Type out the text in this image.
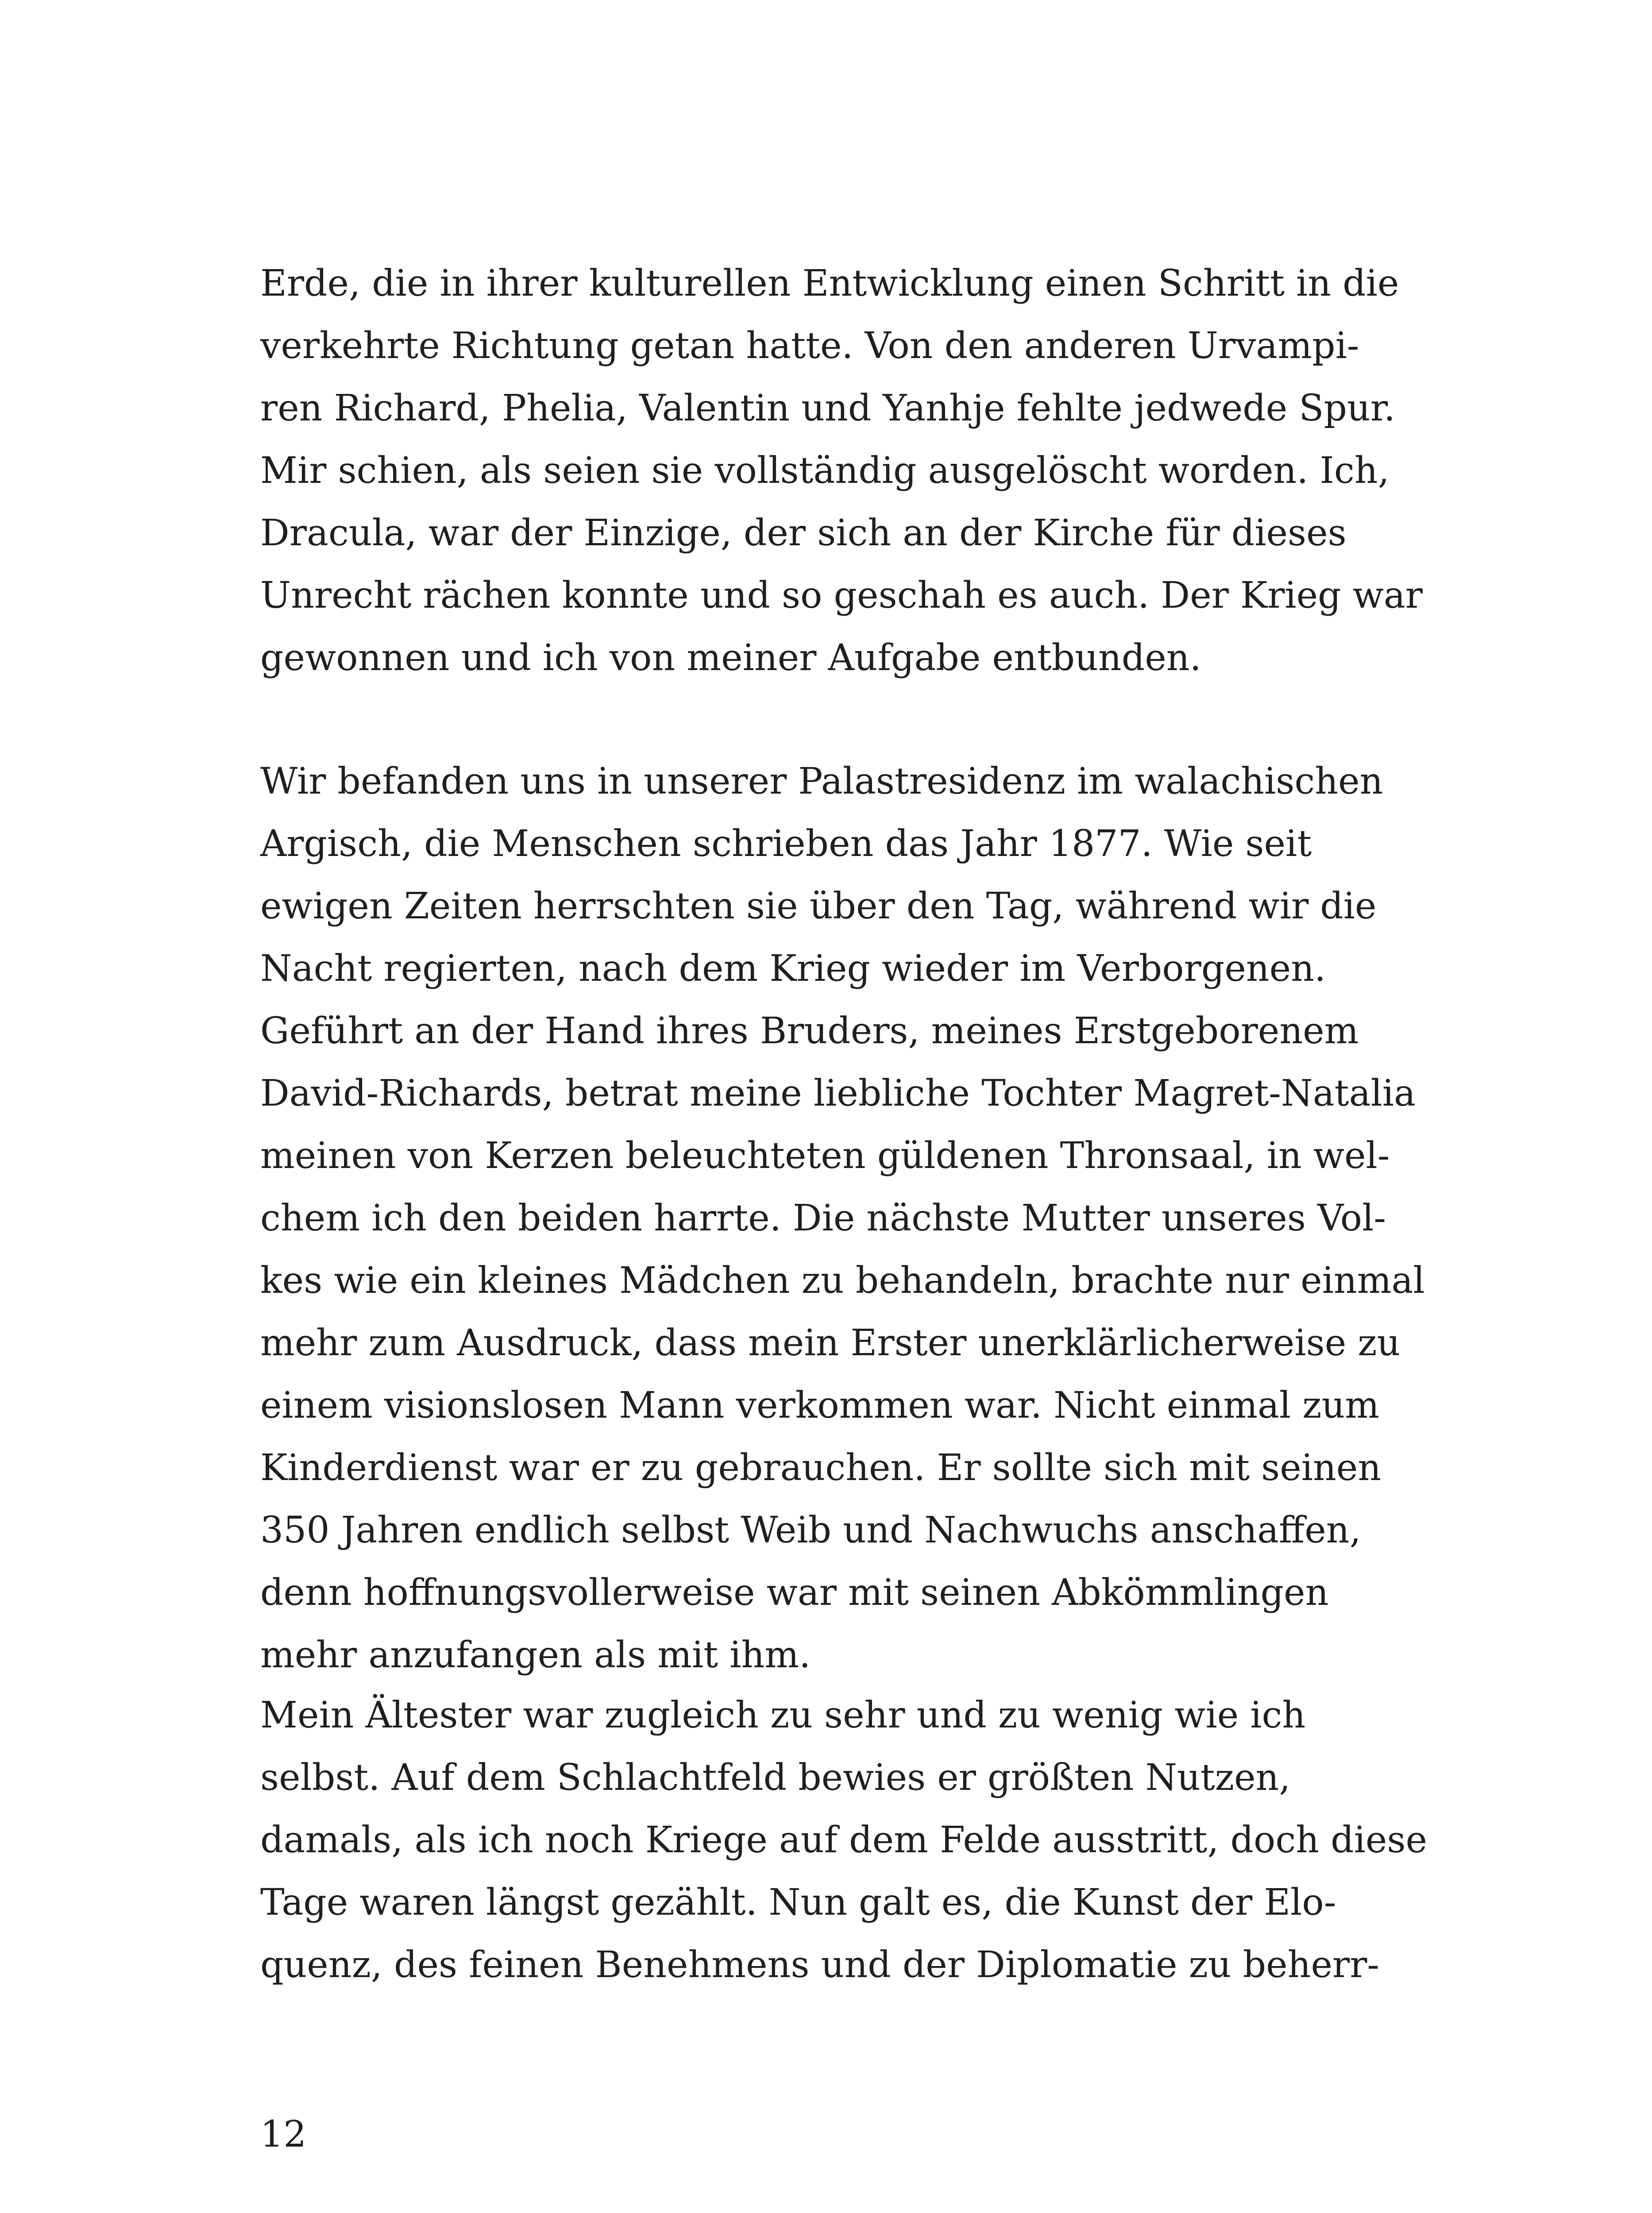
Erde, die in ihrer kulturellen Entwicklung einen Schritt in die
verkehrte Richtung getan hatte. Von den anderen Urvampi-
ren Richard, Phelia, Valentin und Yanhje fehlte jedwede Spur.
Mir schien, als seien sie vollständig ausgelöscht worden. Ich,
Dracula, war der Einzige, der sich an der Kirche für dieses
Unrecht rächen konnte und so geschah es auch. Der Krieg war
gewonnen und ich von meiner Aufgabe entbunden.
Wir befanden uns in unserer Palastresidenz im walachischen
Argisch, die Menschen schrieben das Jahr 1877. Wie seit
ewigen Zeiten herrschten sie über den Tag, während wir die
Nacht regierten, nach dem Krieg wieder im Verborgenen.
Geführt an der Hand ihres Bruders, meines Erstgeborenem
David-Richards, betrat meine liebliche Tochter Magret-Natalia
meinen von Kerzen beleuchteten güldenen Thronsaal, in wel-
chem ich den beiden harrte. Die nächste Mutter unseres Vol-
kes wie ein kleines Mädchen zu behandeln, brachte nur einmal
mehr zum Ausdruck, dass mein Erster unerklärlicherweise zu
einem visionslosen Mann verkommen war. Nicht einmal zum
Kinderdienst war er zu gebrauchen. Er sollte sich mit seinen
350 Jahren endlich selbst Weib und Nachwuchs anschaffen,
denn hoffnungsvollerweise war mit seinen Abkömmlingen
mehr anzufangen als mit ihm.
Mein Ältester war zugleich zu sehr und zu wenig wie ich
selbst. Auf dem Schlachtfeld bewies er größten Nutzen,
damals, als ich noch Kriege auf dem Felde ausstritt, doch diese
Tage waren längst gezählt. Nun galt es, die Kunst der Elo-
quenz, des feinen Benehmens und der Diplomatie zu beherr-
12
